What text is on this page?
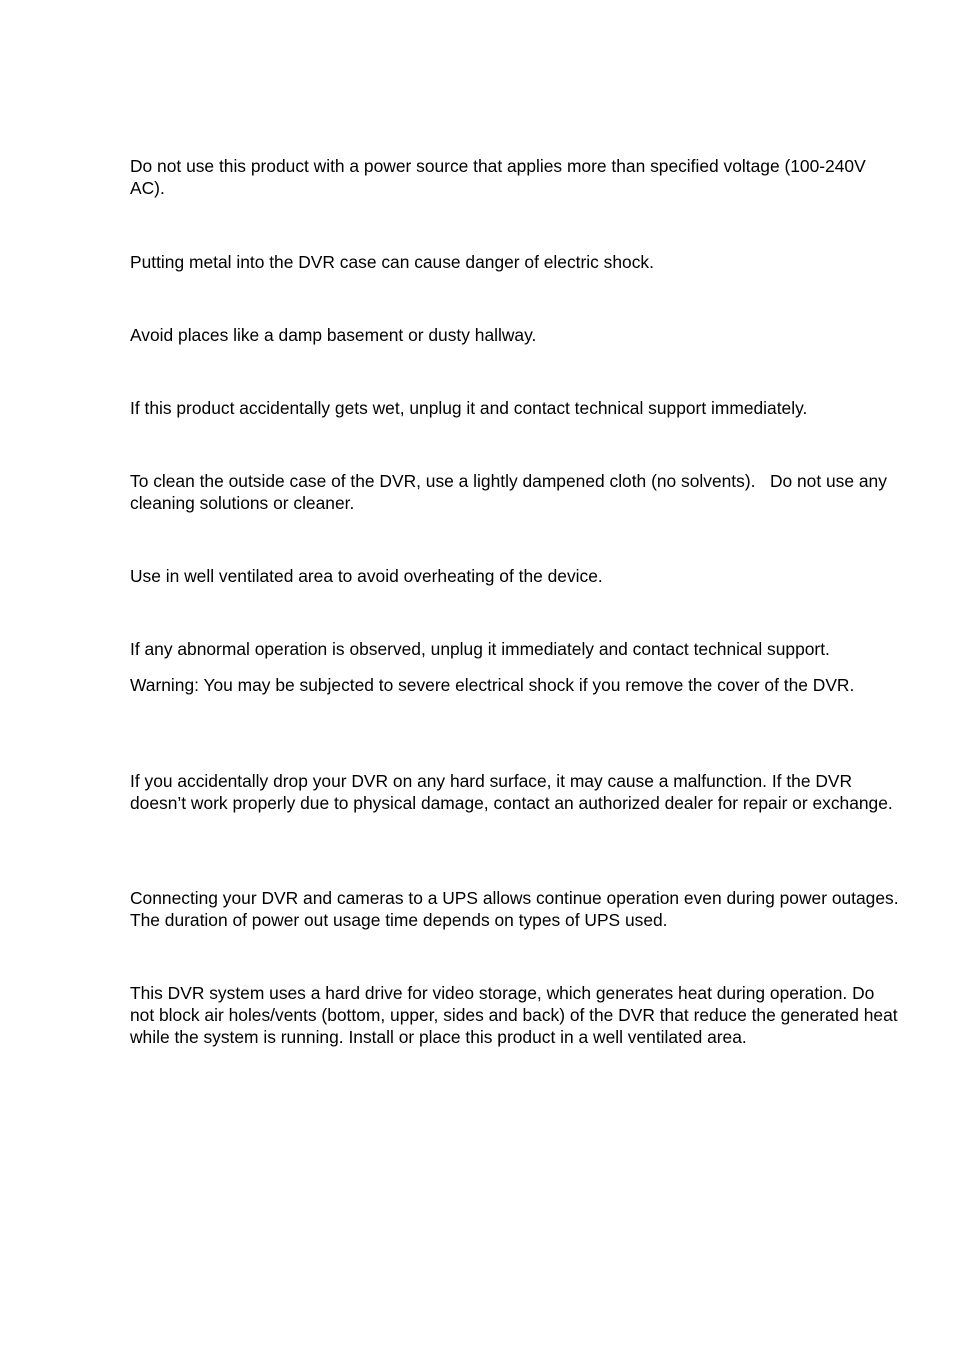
Do not use this product with a power source that applies more than specified voltage (100-240V AC).

Putting metal into the DVR case can cause danger of electric shock.

Avoid places like a damp basement or dusty hallway.

If this product accidentally gets wet, unplug it and contact technical support immediately.

To clean the outside case of the DVR, use a lightly dampened cloth (no solvents).   Do not use any cleaning solutions or cleaner.

Use in well ventilated area to avoid overheating of the device.

If any abnormal operation is observed, unplug it immediately and contact technical support.

Warning: You may be subjected to severe electrical shock if you remove the cover of the DVR.

If you accidentally drop your DVR on any hard surface, it may cause a malfunction. If the DVR doesn’t work properly due to physical damage, contact an authorized dealer for repair or exchange.

Connecting your DVR and cameras to a UPS allows continue operation even during power outages.   The duration of power out usage time depends on types of UPS used.

This DVR system uses a hard drive for video storage, which generates heat during operation. Do not block air holes/vents (bottom, upper, sides and back) of the DVR that reduce the generated heat while the system is running. Install or place this product in a well ventilated area.
